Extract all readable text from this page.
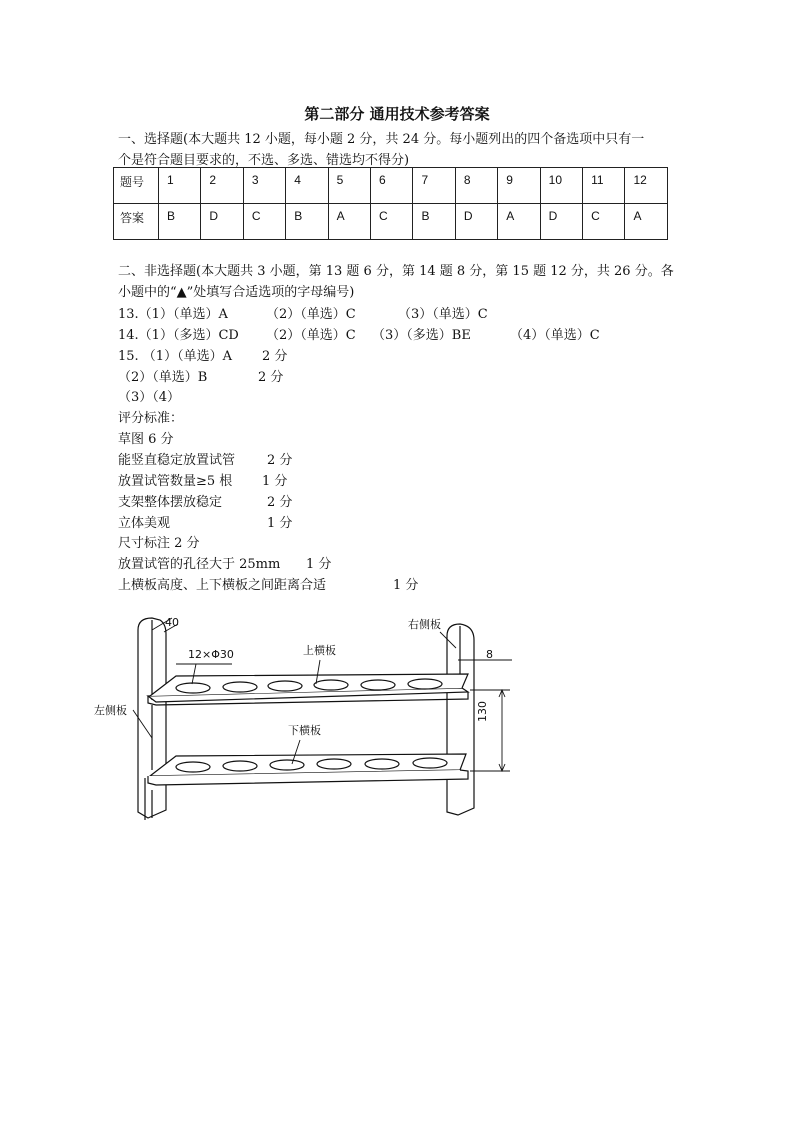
第二部分 通用技术参考答案
一、选择题(本大题共 12 小题，每小题 2 分，共 24 分。每小题列出的四个备选项中只有一
个是符合题目要求的，不选、多选、错选均不得分)
题号	1	2	3	4	5	6	7	8	9	10	11	12
答案	B	D	C	B	A	C	B	D	A	D	C	A
二、非选择题(本大题共 3 小题，第 13 题 6 分，第 14 题 8 分，第 15 题 12 分，共 26 分。各
小题中的“▲”处填写合适选项的字母编号)
13.（1）（单选）A	（2）（单选）C	（3）（单选）C
14.（1）（多选）CD （2）（单选）C （3）（多选）BE	（4）（单选）C
15. （1）（单选）A 2 分
（2）（单选）B	2 分
（3）（4）
评分标准：
草图 6 分
能竖直稳定放置试管 2 分
放置试管数量≥5 根 1 分
支架整体摆放稳定	2 分
立体美观	1 分
尺寸标注 2 分
放置试管的孔径大于 25mm 1 分
上横板高度、上下横板之间距离合适	1 分
40
12×Φ30
右侧板
8
上横板
左侧板
下横板
130
